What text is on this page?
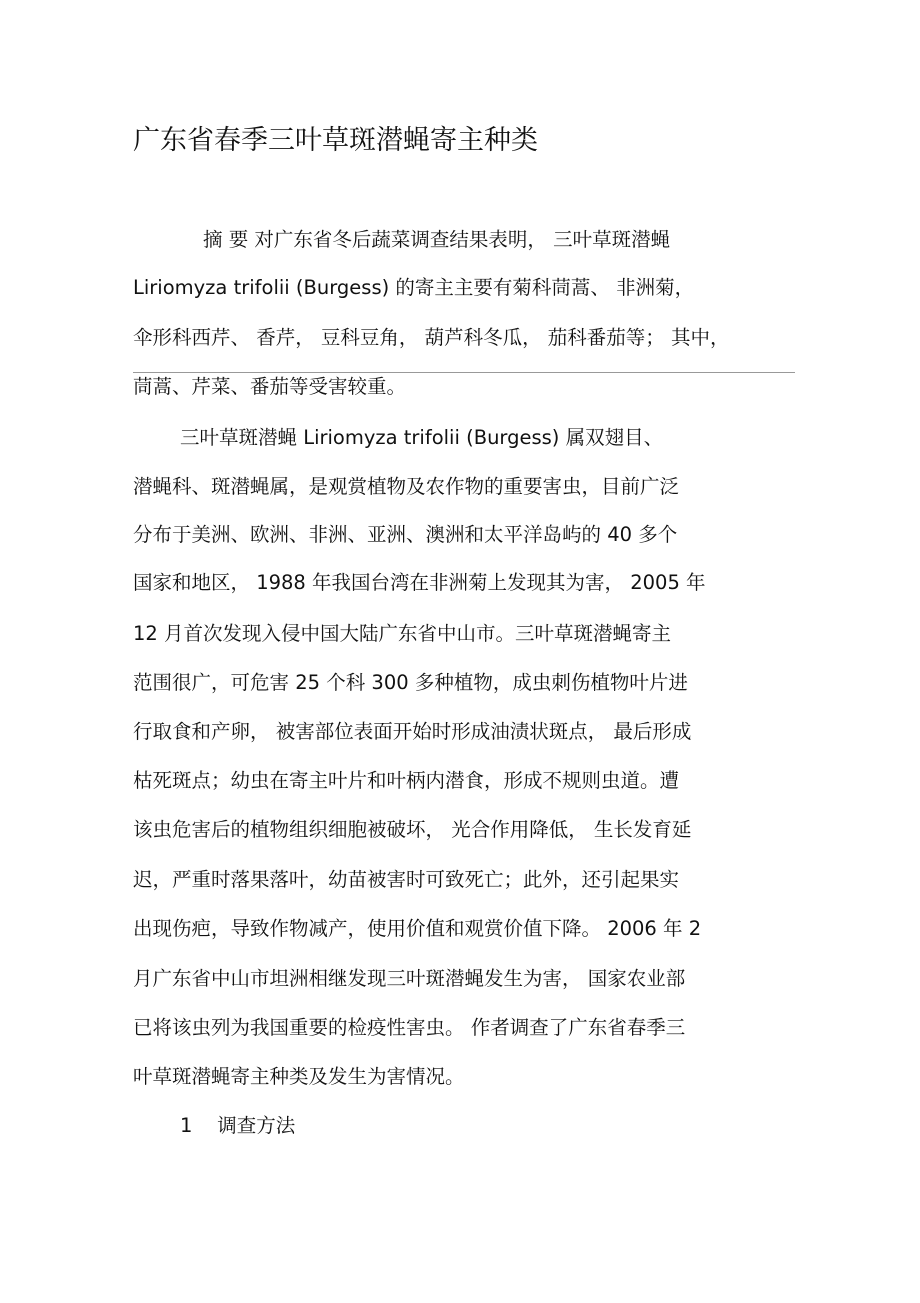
广东省春季三叶草斑潜蝇寄主种类
摘 要 对广东省冬后蔬菜调查结果表明， 三叶草斑潜蝇
Liriomyza trifolii (Burgess) 的寄主主要有菊科茼蒿、 非洲菊，
伞形科西芹、 香芹， 豆科豆角， 葫芦科冬瓜， 茄科番茄等； 其中，
茼蒿、芹菜、番茄等受害较重。
三叶草斑潜蝇 Liriomyza trifolii (Burgess) 属双翅目、
潜蝇科、斑潜蝇属，是观赏植物及农作物的重要害虫，目前广泛
分布于美洲、欧洲、非洲、亚洲、澳洲和太平洋岛屿的 40 多个
国家和地区， 1988 年我国台湾在非洲菊上发现其为害， 2005 年
12 月首次发现入侵中国大陆广东省中山市。三叶草斑潜蝇寄主
范围很广，可危害 25 个科 300 多种植物，成虫刺伤植物叶片进
行取食和产卵， 被害部位表面开始时形成油渍状斑点， 最后形成
枯死斑点；幼虫在寄主叶片和叶柄内潜食，形成不规则虫道。遭
该虫危害后的植物组织细胞被破坏， 光合作用降低， 生长发育延
迟，严重时落果落叶，幼苗被害时可致死亡；此外，还引起果实
出现伤疤，导致作物减产，使用价值和观赏价值下降。 2006 年 2
月广东省中山市坦洲相继发现三叶斑潜蝇发生为害， 国家农业部
已将该虫列为我国重要的检疫性害虫。 作者调查了广东省春季三
叶草斑潜蝇寄主种类及发生为害情况。
1    调查方法
